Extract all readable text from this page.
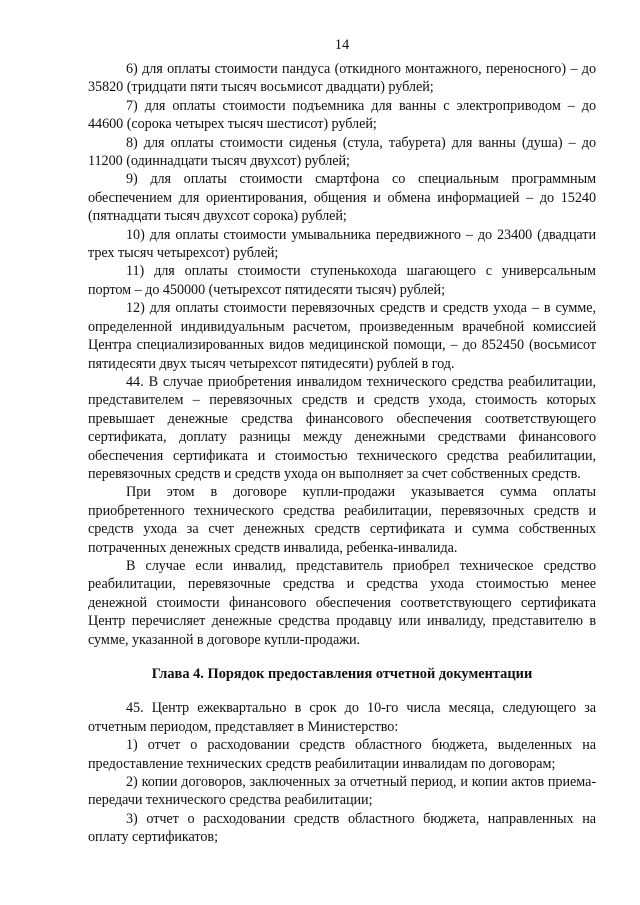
14

6) для оплаты стоимости пандуса (откидного монтажного, переносного) – до 35820 (тридцати пяти тысяч восьмисот двадцати) рублей;

7) для оплаты стоимости подъемника для ванны с электроприводом – до 44600 (сорока четырех тысяч шестисот) рублей;

8) для оплаты стоимости сиденья (стула, табурета) для ванны (душа) – до 11200 (одиннадцати тысяч двухсот) рублей;

9) для оплаты стоимости смартфона со специальным программным обеспечением для ориентирования, общения и обмена информацией – до 15240 (пятнадцати тысяч двухсот сорока) рублей;

10) для оплаты стоимости умывальника передвижного – до 23400 (двадцати трех тысяч четырехсот) рублей;

11) для оплаты стоимости ступенькохода шагающего с универсальным портом – до 450000 (четырехсот пятидесяти тысяч) рублей;

12) для оплаты стоимости перевязочных средств и средств ухода – в сумме, определенной индивидуальным расчетом, произведенным врачебной комиссией Центра специализированных видов медицинской помощи, – до 852450 (восьмисот пятидесяти двух тысяч четырехсот пятидесяти) рублей в год.

44. В случае приобретения инвалидом технического средства реабилитации, представителем – перевязочных средств и средств ухода, стоимость которых превышает денежные средства финансового обеспечения соответствующего сертификата, доплату разницы между денежными средствами финансового обеспечения сертификата и стоимостью технического средства реабилитации, перевязочных средств и средств ухода он выполняет за счет собственных средств.

При этом в договоре купли-продажи указывается сумма оплаты приобретенного технического средства реабилитации, перевязочных средств и средств ухода за счет денежных средств сертификата и сумма собственных потраченных денежных средств инвалида, ребенка-инвалида.

В случае если инвалид, представитель приобрел техническое средство реабилитации, перевязочные средства и средства ухода стоимостью менее денежной стоимости финансового обеспечения соответствующего сертификата Центр перечисляет денежные средства продавцу или инвалиду, представителю в сумме, указанной в договоре купли-продажи.

Глава 4. Порядок предоставления отчетной документации

45. Центр ежеквартально в срок до 10-го числа месяца, следующего за отчетным периодом, представляет в Министерство:

1) отчет о расходовании средств областного бюджета, выделенных на предоставление технических средств реабилитации инвалидам по договорам;

2) копии договоров, заключенных за отчетный период, и копии актов приема-передачи технического средства реабилитации;

3) отчет о расходовании средств областного бюджета, направленных на оплату сертификатов;
